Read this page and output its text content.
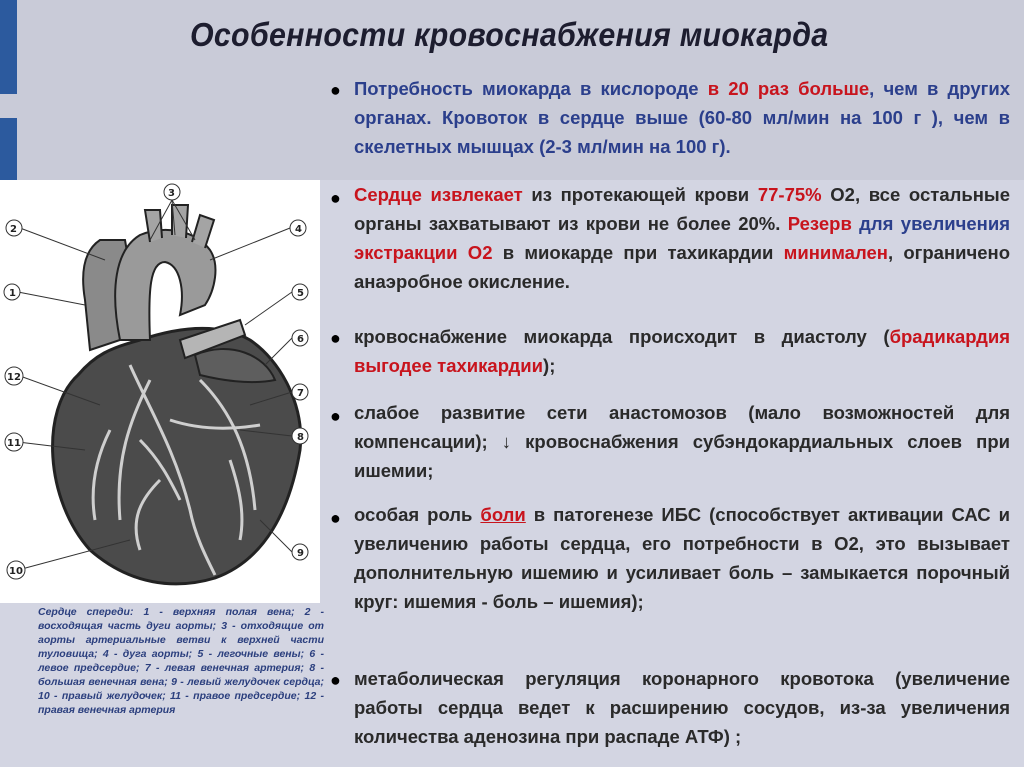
Особенности кровоснабжения миокарда
2
1
3
4
5
6
7
8
9
10
11
12
Сердце спереди: 1 - верхняя полая вена; 2 - восходящая часть дуги аорты; 3 - отходящие от аорты артериальные ветви к верхней части туловища; 4 - дуга аорты; 5 - легочные вены; 6 - левое предсердие; 7 - левая венечная артерия; 8 - большая венечная вена; 9 - левый желудочек сердца; 10 - правый желудочек; 11 - правое предсердие; 12 - правая венечная артерия
● Потребность миокарда в кислороде в 20 раз больше, чем в других органах. Кровоток в сердце выше (60-80 мл/мин на 100 г ), чем в скелетных мышцах (2-3 мл/мин на 100 г).
● Сердце извлекает из протекающей крови 77-75% О2, все остальные органы захватывают из крови не более 20%. Резерв для увеличения экстракции О2 в миокарде при тахикардии минимален, ограничено анаэробное окисление.
● кровоснабжение миокарда происходит в диастолу (брадикардия выгодее тахикардии);
● слабое развитие сети анастомозов (мало возможностей для компенсации); ↓ кровоснабжения субэндокардиальных слоев при ишемии;
● особая роль боли в патогенезе ИБС (способствует активации САС и увеличению работы сердца, его потребности в О2, это вызывает дополнительную ишемию и усиливает боль – замыкается порочный круг: ишемия - боль – ишемия);
● метаболическая регуляция коронарного кровотока (увеличение работы сердца ведет к расширению сосудов, из-за увеличения количества аденозина при распаде АТФ) ;
